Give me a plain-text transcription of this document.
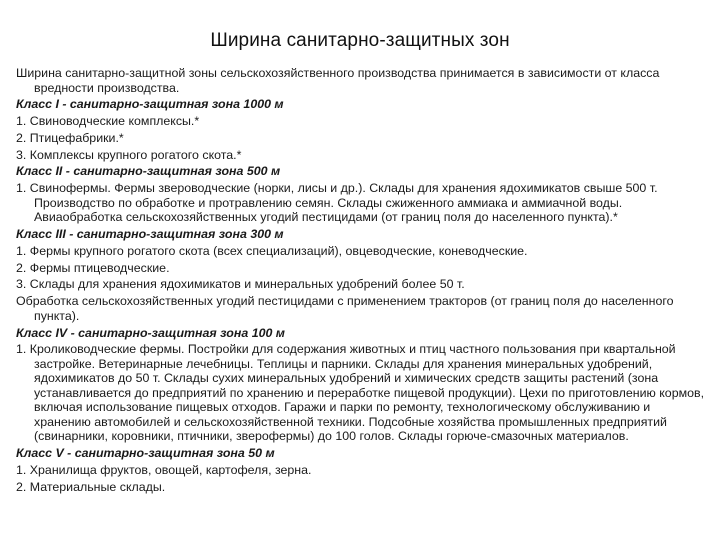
Ширина санитарно-защитных зон

Ширина санитарно-защитной зоны сельскохозяйственного производства принимается в зависимости от класса вредности производства.

Класс I - санитарно-защитная зона 1000 м

1. Свиноводческие комплексы.*

2. Птицефабрики.*

3. Комплексы крупного рогатого скота.*

Класс II - санитарно-защитная зона 500 м

1. Свинофермы. Фермы звероводческие (норки, лисы и др.). Склады для хранения ядохимикатов свыше 500 т. Производство по обработке и протравлению семян. Склады сжиженного аммиака и аммиачной воды. Авиаобработка сельскохозяйственных угодий пестицидами (от границ поля до населенного пункта).*

Класс III - санитарно-защитная зона 300 м

1. Фермы крупного рогатого скота (всех специализаций), овцеводческие, коневодческие.

2. Фермы птицеводческие.

3. Склады для хранения ядохимикатов и минеральных удобрений более 50 т.

Обработка сельскохозяйственных угодий пестицидами с применением тракторов (от границ поля до населенного пункта).

Класс IV - санитарно-защитная зона 100 м

1. Кролиководческие фермы. Постройки для содержания животных и птиц частного пользования при квартальной застройке. Ветеринарные лечебницы. Теплицы и парники. Склады для хранения минеральных удобрений, ядохимикатов до 50 т. Склады сухих минеральных удобрений и химических средств защиты растений (зона устанавливается до предприятий по хранению и переработке пищевой продукции). Цехи по приготовлению кормов, включая использование пищевых отходов. Гаражи и парки по ремонту, технологическому обслуживанию и хранению автомобилей и сельскохозяйственной техники. Подсобные хозяйства промышленных предприятий (свинарники, коровники, птичники, зверофермы) до 100 голов. Склады горюче-смазочных материалов.

Класс V - санитарно-защитная зона 50 м

1. Хранилища фруктов, овощей, картофеля, зерна.

2. Материальные склады.
